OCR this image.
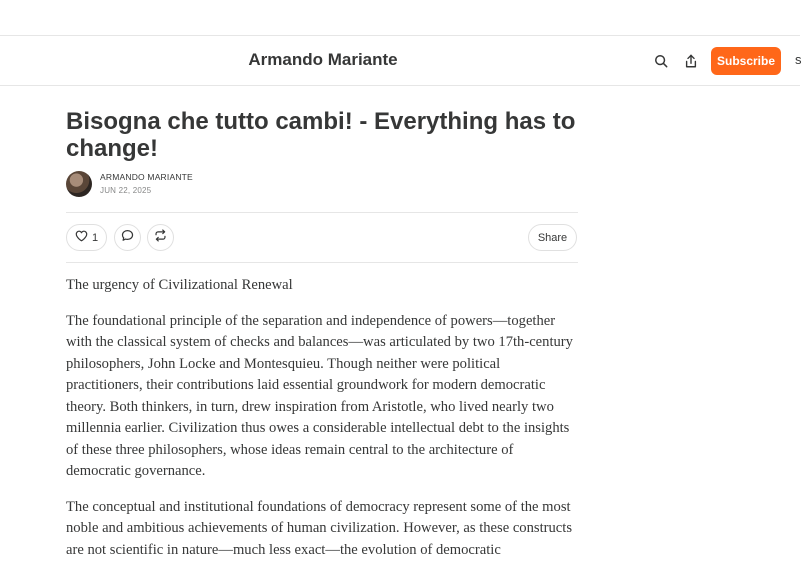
Armando Mariante	Subscribe	s
Bisogna che tutto cambi! - Everything has to change!
ARMANDO MARIANTE
JUN 22, 2025
1	Share

The urgency of Civilizational Renewal

The foundational principle of the separation and independence of powers—together with the classical system of checks and balances—was articulated by two 17th-century philosophers, John Locke and Montesquieu. Though neither were political practitioners, their contributions laid essential groundwork for modern democratic theory. Both thinkers, in turn, drew inspiration from Aristotle, who lived nearly two millennia earlier. Civilization thus owes a considerable intellectual debt to the insights of these three philosophers, whose ideas remain central to the architecture of democratic governance.

The conceptual and institutional foundations of democracy represent some of the most noble and ambitious achievements of human civilization. However, as these constructs are not scientific in nature—much less exact—the evolution of democratic
